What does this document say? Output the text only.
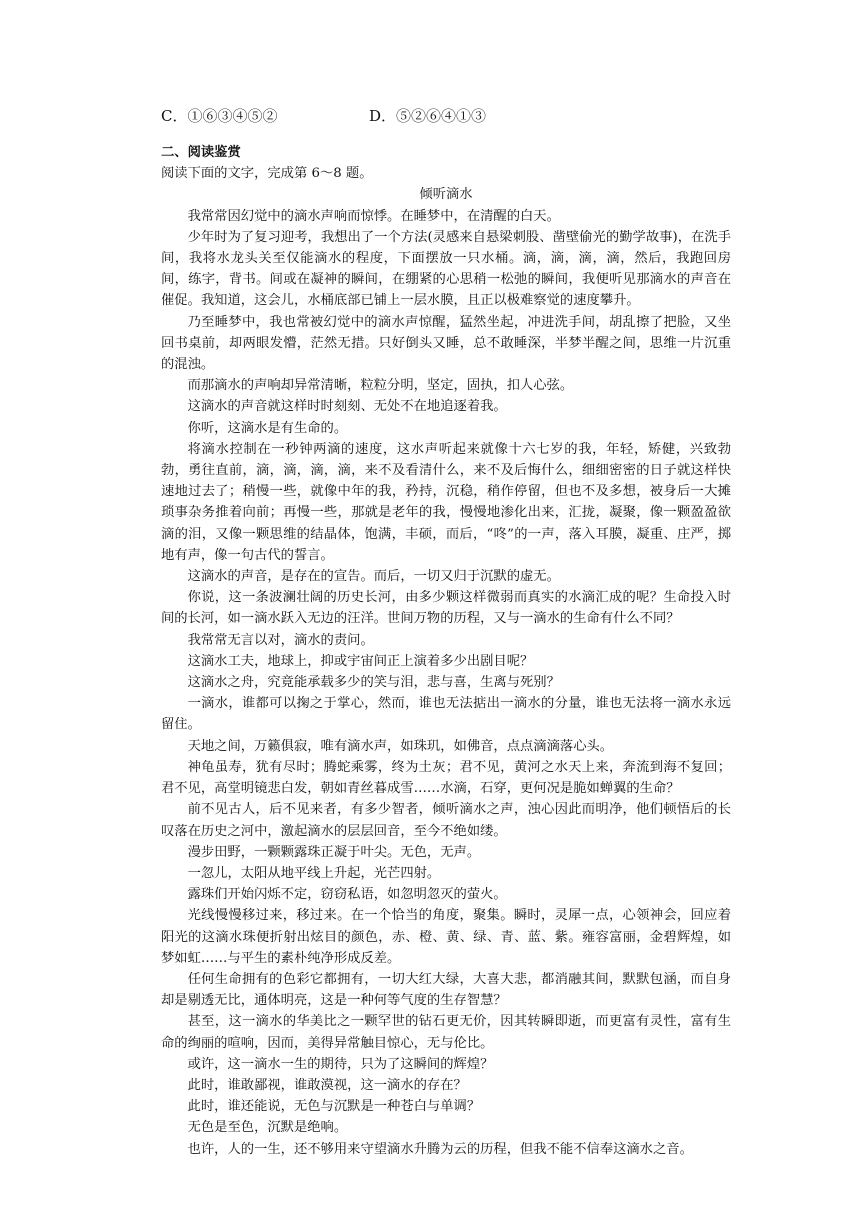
C．①⑥③④⑤②	D．⑤②⑥④①③

二、阅读鉴赏

阅读下面的文字，完成第 6～8 题。

倾听滴水

我常常因幻觉中的滴水声响而惊悸。在睡梦中，在清醒的白天。

少年时为了复习迎考，我想出了一个方法(灵感来自悬梁刺股、凿壁偷光的勤学故事)，在洗手间，我将水龙头关至仅能滴水的程度，下面摆放一只水桶。滴，滴，滴，滴，然后，我跑回房间，练字，背书。间或在凝神的瞬间，在绷紧的心思稍一松弛的瞬间，我便听见那滴水的声音在催促。我知道，这会儿，水桶底部已铺上一层水膜，且正以极难察觉的速度攀升。

乃至睡梦中，我也常被幻觉中的滴水声惊醒，猛然坐起，冲进洗手间，胡乱擦了把脸，又坐回书桌前，却两眼发懵，茫然无措。只好倒头又睡，总不敢睡深，半梦半醒之间，思维一片沉重的混浊。

而那滴水的声响却异常清晰，粒粒分明，坚定，固执，扣人心弦。

这滴水的声音就这样时时刻刻、无处不在地追逐着我。

你听，这滴水是有生命的。

将滴水控制在一秒钟两滴的速度，这水声听起来就像十六七岁的我，年轻，矫健，兴致勃勃，勇往直前，滴，滴，滴，滴，来不及看清什么，来不及后悔什么，细细密密的日子就这样快速地过去了；稍慢一些，就像中年的我，矜持，沉稳，稍作停留，但也不及多想，被身后一大摊琐事杂务推着向前；再慢一些，那就是老年的我，慢慢地渗化出来，汇拢，凝聚，像一颗盈盈欲滴的泪，又像一颗思维的结晶体，饱满，丰硕，而后，“咚”的一声，落入耳膜，凝重、庄严，掷地有声，像一句古代的誓言。

这滴水的声音，是存在的宣告。而后，一切又归于沉默的虚无。

你说，这一条波澜壮阔的历史长河，由多少颗这样微弱而真实的水滴汇成的呢？生命投入时间的长河，如一滴水跃入无边的汪洋。世间万物的历程，又与一滴水的生命有什么不同？

我常常无言以对，滴水的责问。

这滴水工夫，地球上，抑或宇宙间正上演着多少出剧目呢？

这滴水之舟，究竟能承载多少的笑与泪，悲与喜，生离与死别？

一滴水，谁都可以掬之于掌心，然而，谁也无法掂出一滴水的分量，谁也无法将一滴水永远留住。

天地之间，万籁俱寂，唯有滴水声，如珠玑，如佛音，点点滴滴落心头。

神龟虽寿，犹有尽时；腾蛇乘雾，终为土灰；君不见，黄河之水天上来，奔流到海不复回；君不见，高堂明镜悲白发，朝如青丝暮成雪……水滴，石穿，更何况是脆如蝉翼的生命？

前不见古人，后不见来者，有多少智者，倾听滴水之声，浊心因此而明净，他们顿悟后的长叹落在历史之河中，激起滴水的层层回音，至今不绝如缕。

漫步田野，一颗颗露珠正凝于叶尖。无色，无声。

一忽儿，太阳从地平线上升起，光芒四射。

露珠们开始闪烁不定，窃窃私语，如忽明忽灭的萤火。

光线慢慢移过来，移过来。在一个恰当的角度，聚集。瞬时，灵犀一点，心领神会，回应着阳光的这滴水珠便折射出炫目的颜色，赤、橙、黄、绿、青、蓝、紫。雍容富丽，金碧辉煌，如梦如虹……与平生的素朴纯净形成反差。

任何生命拥有的色彩它都拥有，一切大红大绿，大喜大悲，都消融其间，默默包涵，而自身却是剔透无比，通体明亮，这是一种何等气度的生存智慧？

甚至，这一滴水的华美比之一颗罕世的钻石更无价，因其转瞬即逝，而更富有灵性，富有生命的绚丽的喧响，因而，美得异常触目惊心，无与伦比。

或许，这一滴水一生的期待，只为了这瞬间的辉煌？

此时，谁敢鄙视，谁敢漠视，这一滴水的存在？

此时，谁还能说，无色与沉默是一种苍白与单调？

无色是至色，沉默是绝响。

也许，人的一生，还不够用来守望滴水升腾为云的历程，但我不能不信奉这滴水之音。
